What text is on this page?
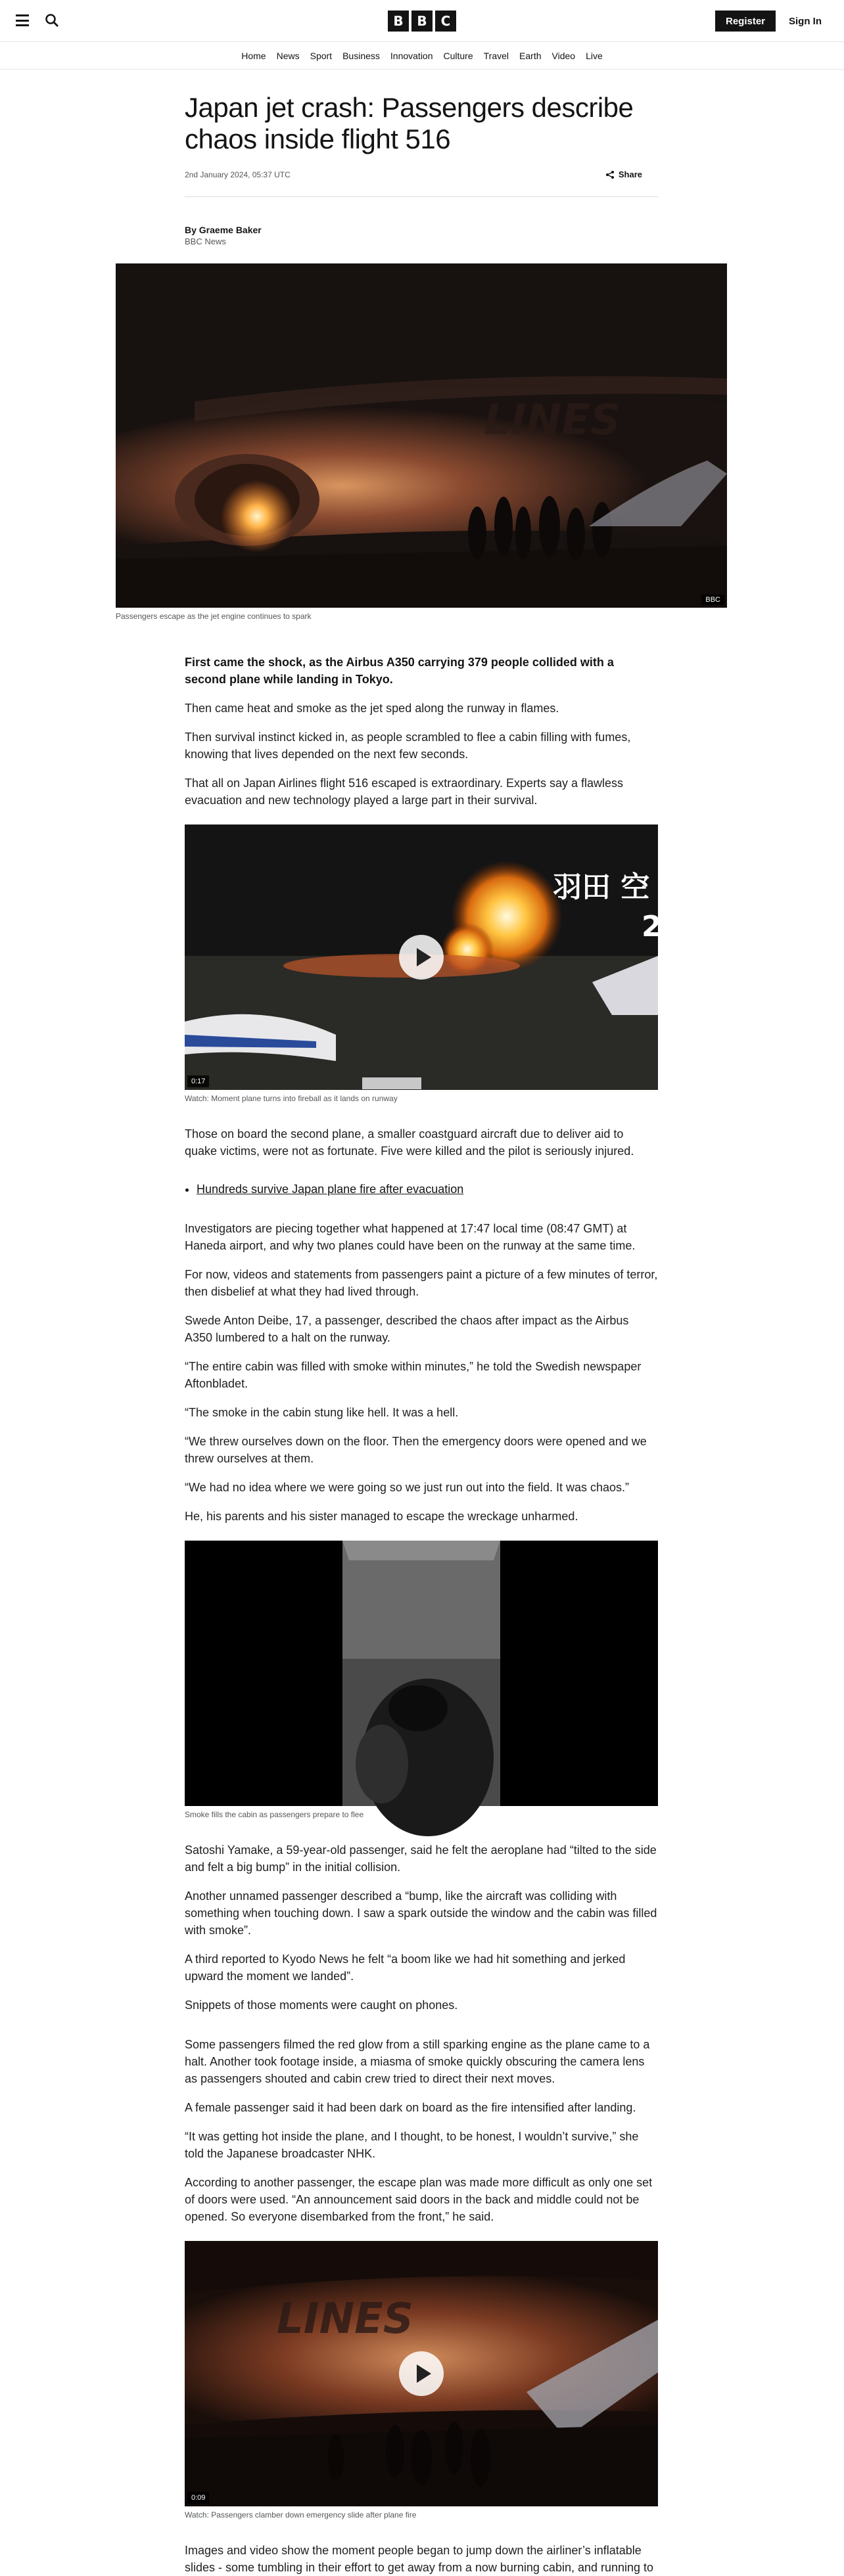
B	B	C	Register	Sign In
Home	News	Sport	Business	Innovation	Culture	Travel	Earth	Video	Live
Japan jet crash: Passengers describe chaos inside flight 516
2nd January 2024, 05:37 UTC	Share
By Graeme Baker
BBC News
LINES
BBC
Passengers escape as the jet engine continues to spark

First came the shock, as the Airbus A350 carrying 379 people collided with a second plane while landing in Tokyo.

Then came heat and smoke as the jet sped along the runway in flames.

Then survival instinct kicked in, as people scrambled to flee a cabin filling with fumes, knowing that lives depended on the next few seconds.

That all on Japan Airlines flight 516 escaped is extraordinary. Experts say a flawless evacuation and new technology played a large part in their survival.

羽田 空
2
0:17
Watch: Moment plane turns into fireball as it lands on runway

Those on board the second plane, a smaller coastguard aircraft due to deliver aid to quake victims, were not as fortunate. Five were killed and the pilot is seriously injured.

• Hundreds survive Japan plane fire after evacuation

Investigators are piecing together what happened at 17:47 local time (08:47 GMT) at Haneda airport, and why two planes could have been on the runway at the same time.

For now, videos and statements from passengers paint a picture of a few minutes of terror, then disbelief at what they had lived through.

Swede Anton Deibe, 17, a passenger, described the chaos after impact as the Airbus A350 lumbered to a halt on the runway.

“The entire cabin was filled with smoke within minutes,” he told the Swedish newspaper Aftonbladet.

“The smoke in the cabin stung like hell. It was a hell.

“We threw ourselves down on the floor. Then the emergency doors were opened and we threw ourselves at them.

“We had no idea where we were going so we just run out into the field. It was chaos.”

He, his parents and his sister managed to escape the wreckage unharmed.

Smoke fills the cabin as passengers prepare to flee

Satoshi Yamake, a 59-year-old passenger, said he felt the aeroplane had “tilted to the side and felt a big bump” in the initial collision.

Another unnamed passenger described a “bump, like the aircraft was colliding with something when touching down. I saw a spark outside the window and the cabin was filled with smoke”.

A third reported to Kyodo News he felt “a boom like we had hit something and jerked upward the moment we landed”.

Snippets of those moments were caught on phones.

Some passengers filmed the red glow from a still sparking engine as the plane came to a halt. Another took footage inside, a miasma of smoke quickly obscuring the camera lens as passengers shouted and cabin crew tried to direct their next moves.

A female passenger said it had been dark on board as the fire intensified after landing.

“It was getting hot inside the plane, and I thought, to be honest, I wouldn’t survive,” she told the Japanese broadcaster NHK.

According to another passenger, the escape plan was made more difficult as only one set of doors were used. “An announcement said doors in the back and middle could not be opened. So everyone disembarked from the front,” he said.

LINES
0:09
Watch: Passengers clamber down emergency slide after plane fire

Images and video show the moment people began to jump down the airliner’s inflatable slides - some tumbling in their effort to get away from a now burning cabin, and running to
